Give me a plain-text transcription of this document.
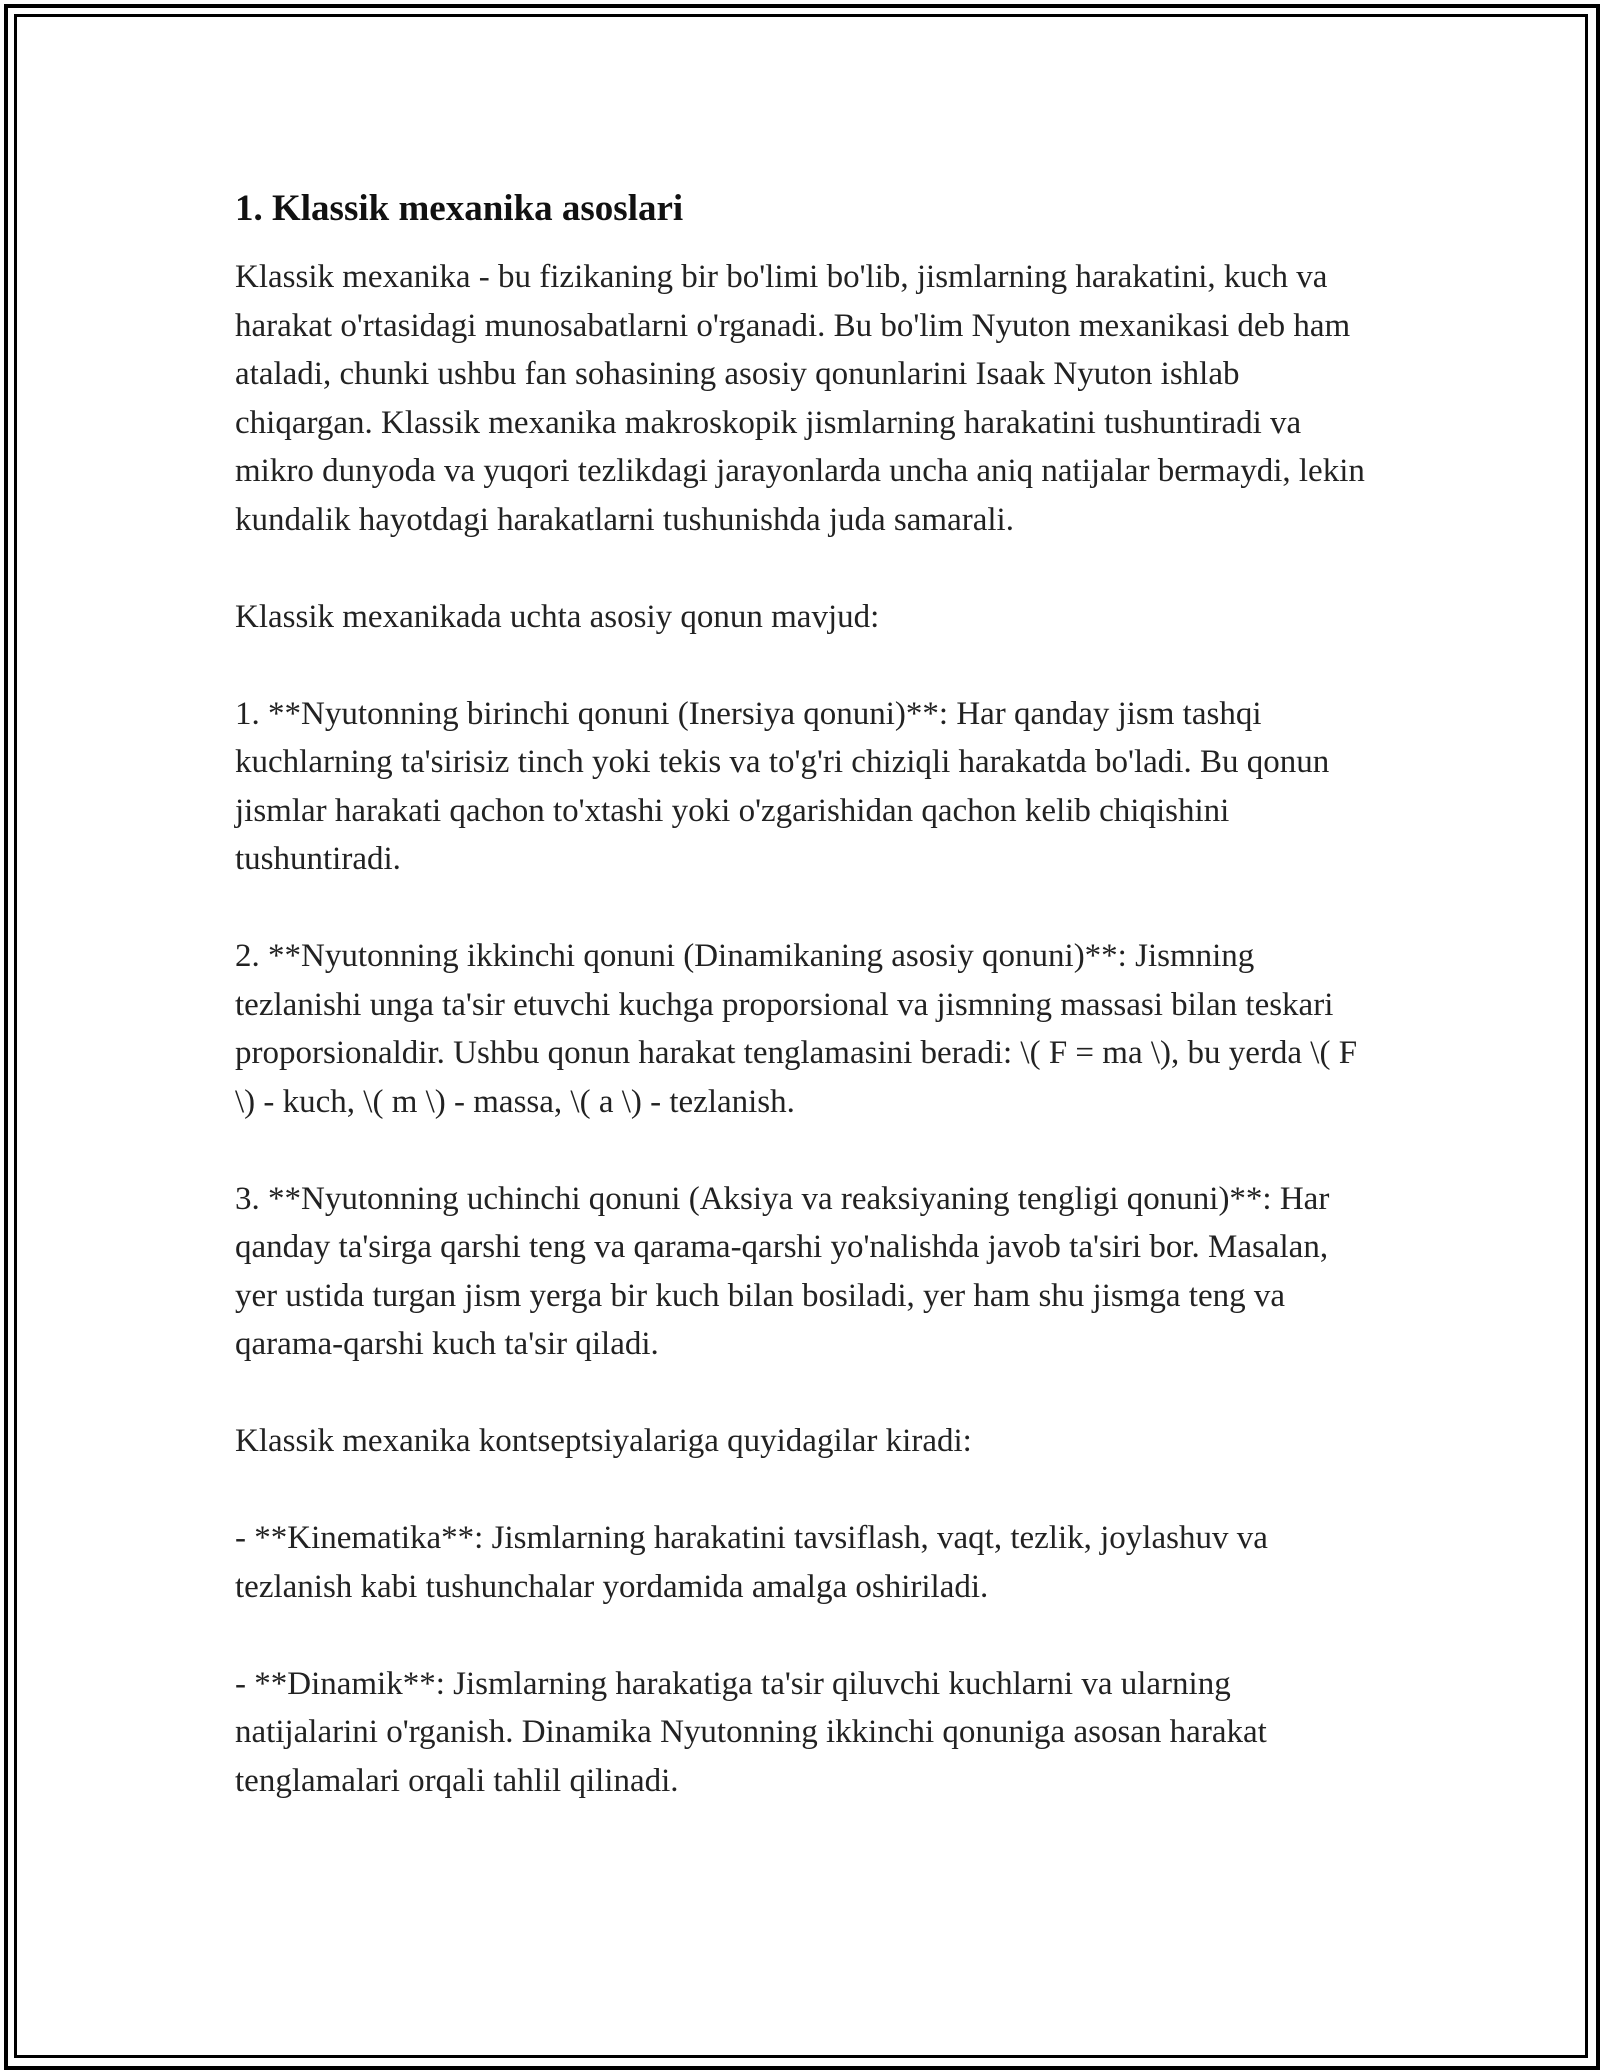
1. Klassik mexanika asoslari

Klassik mexanika - bu fizikaning bir bo'limi bo'lib, jismlarning harakatini, kuch va harakat o'rtasidagi munosabatlarni o'rganadi. Bu bo'lim Nyuton mexanikasi deb ham ataladi, chunki ushbu fan sohasining asosiy qonunlarini Isaak Nyuton ishlab chiqargan. Klassik mexanika makroskopik jismlarning harakatini tushuntiradi va mikro dunyoda va yuqori tezlikdagi jarayonlarda uncha aniq natijalar bermaydi, lekin kundalik hayotdagi harakatlarni tushunishda juda samarali.

Klassik mexanikada uchta asosiy qonun mavjud:

1. **Nyutonning birinchi qonuni (Inersiya qonuni)**: Har qanday jism tashqi kuchlarning ta'sirisiz tinch yoki tekis va to'g'ri chiziqli harakatda bo'ladi. Bu qonun jismlar harakati qachon to'xtashi yoki o'zgarishidan qachon kelib chiqishini tushuntiradi.

2. **Nyutonning ikkinchi qonuni (Dinamikaning asosiy qonuni)**: Jismning tezlanishi unga ta'sir etuvchi kuchga proporsional va jismning massasi bilan teskari proporsionaldir. Ushbu qonun harakat tenglamasini beradi: \( F = ma \), bu yerda \( F \) - kuch, \( m \) - massa, \( a \) - tezlanish.

3. **Nyutonning uchinchi qonuni (Aksiya va reaksiyaning tengligi qonuni)**: Har qanday ta'sirga qarshi teng va qarama-qarshi yo'nalishda javob ta'siri bor. Masalan, yer ustida turgan jism yerga bir kuch bilan bosiladi, yer ham shu jismga teng va qarama-qarshi kuch ta'sir qiladi.

Klassik mexanika kontseptsiyalariga quyidagilar kiradi:

- **Kinematika**: Jismlarning harakatini tavsiflash, vaqt, tezlik, joylashuv va tezlanish kabi tushunchalar yordamida amalga oshiriladi.

- **Dinamik**: Jismlarning harakatiga ta'sir qiluvchi kuchlarni va ularning natijalarini o'rganish. Dinamika Nyutonning ikkinchi qonuniga asosan harakat tenglamalari orqali tahlil qilinadi.
